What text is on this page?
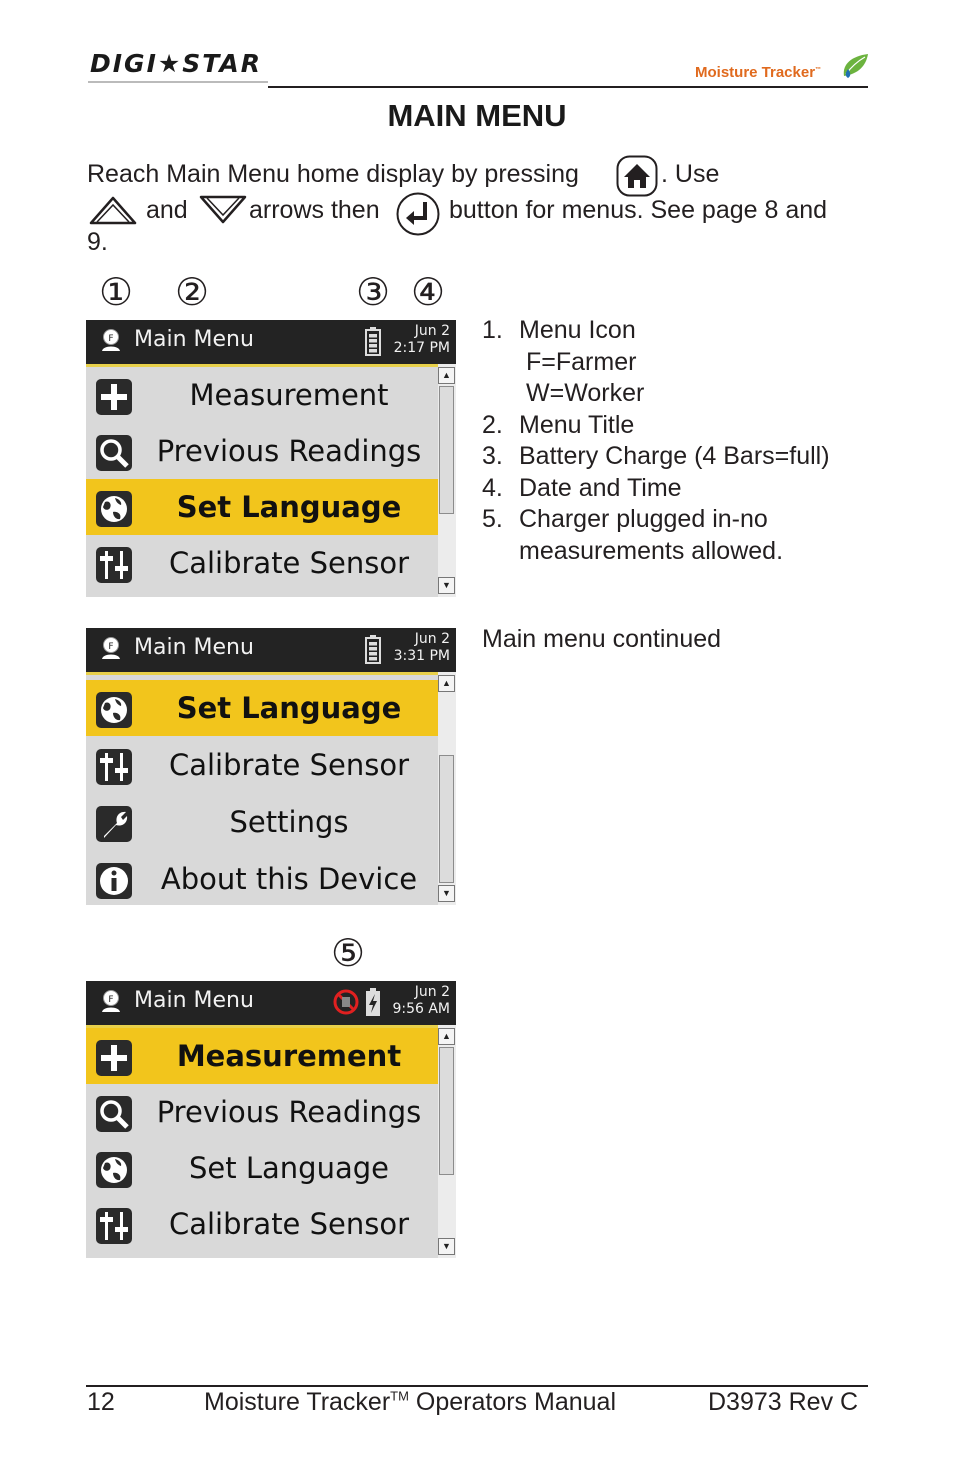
DIGI★STAR	Moisture Tracker™
MAIN MENU
Reach Main Menu home display by pressing	. Use
and arrows then	button for menus. See page 8 and
9.
① ②	③ ④
⑤
F Main Menu	Jun 2
2:17 PM
Measurement
Previous Readings
Set Language
Calibrate Sensor
▲
▼
F Main Menu	Jun 2
3:31 PM
Set Language
Calibrate Sensor
Settings
About this Device
▲
▼
F Main Menu	Jun 2
9:56 AM
Measurement
Previous Readings
Set Language
Calibrate Sensor
▲
▼
1. Menu Icon
F=Farmer
W=Worker
2. Menu Title
3. Battery Charge (4 Bars=full)
4. Date and Time
5. Charger plugged in-no
measurements allowed.
Main menu continued
12	Moisture Tracker™ Operators Manual	D3973 Rev C
